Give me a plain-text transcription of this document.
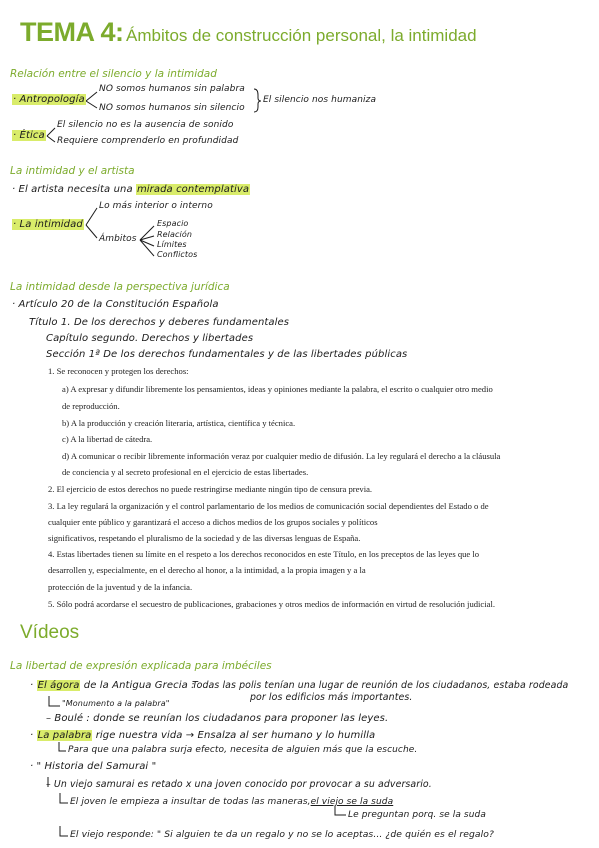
TEMA 4: Ámbitos de construcción personal, la intimidad
Relación entre el silencio y la intimidad
· Antropología
NO somos humanos sin palabra
NO somos humanos sin silencio
El silencio nos humaniza
· Ética
El silencio no es la ausencia de sonido
Requiere comprenderlo en profundidad
La intimidad y el artista
· El artista necesita una mirada contemplativa
· La intimidad
Lo más interior o interno
Ámbitos
Espacio
Relación
Límites
Conflictos
La intimidad desde la perspectiva jurídica
· Artículo 20 de la Constitución Española
Título 1. De los derechos y deberes fundamentales
Capítulo segundo. Derechos y libertades
Sección 1ª De los derechos fundamentales y de las libertades públicas
1. Se reconocen y protegen los derechos:
a) A expresar y difundir libremente los pensamientos, ideas y opiniones mediante la palabra, el escrito o cualquier otro medio
de reproducción.
b) A la producción y creación literaria, artística, científica y técnica.
c) A la libertad de cátedra.
d) A comunicar o recibir libremente información veraz por cualquier medio de difusión. La ley regulará el derecho a la cláusula
de conciencia y al secreto profesional en el ejercicio de estas libertades.
2. El ejercicio de estos derechos no puede restringirse mediante ningún tipo de censura previa.
3. La ley regulará la organización y el control parlamentario de los medios de comunicación social dependientes del Estado o de
cualquier ente público y garantizará el acceso a dichos medios de los grupos sociales y políticos
significativos, respetando el pluralismo de la sociedad y de las diversas lenguas de España.
4. Estas libertades tienen su límite en el respeto a los derechos reconocidos en este Título, en los preceptos de las leyes que lo
desarrollen y, especialmente, en el derecho al honor, a la intimidad, a la propia imagen y a la
protección de la juventud y de la infancia.
5. Sólo podrá acordarse el secuestro de publicaciones, grabaciones y otros medios de información en virtud de resolución judicial.
Vídeos
La libertad de expresión explicada para imbéciles
· El ágora de la Antigua Grecia :
Todas las polis tenían una lugar de reunión de los ciudadanos, estaba rodeada
por los edificios más importantes.
"Monumento a la palabra"
– Boulé : donde se reunían los ciudadanos para proponer las leyes.
· La palabra rige nuestra vida → Ensalza al ser humano y lo humilla
Para que una palabra surja efecto, necesita de alguien más que la escuche.
· " Historia del Samurai "
– Un viejo samurai es retado x una joven conocido por provocar a su adversario.
El joven le empieza a insultar de todas las maneras,el viejo se la suda
Le preguntan porq. se la suda
El viejo responde: " Si alguien te da un regalo y no se lo aceptas... ¿de quién es el regalo?
